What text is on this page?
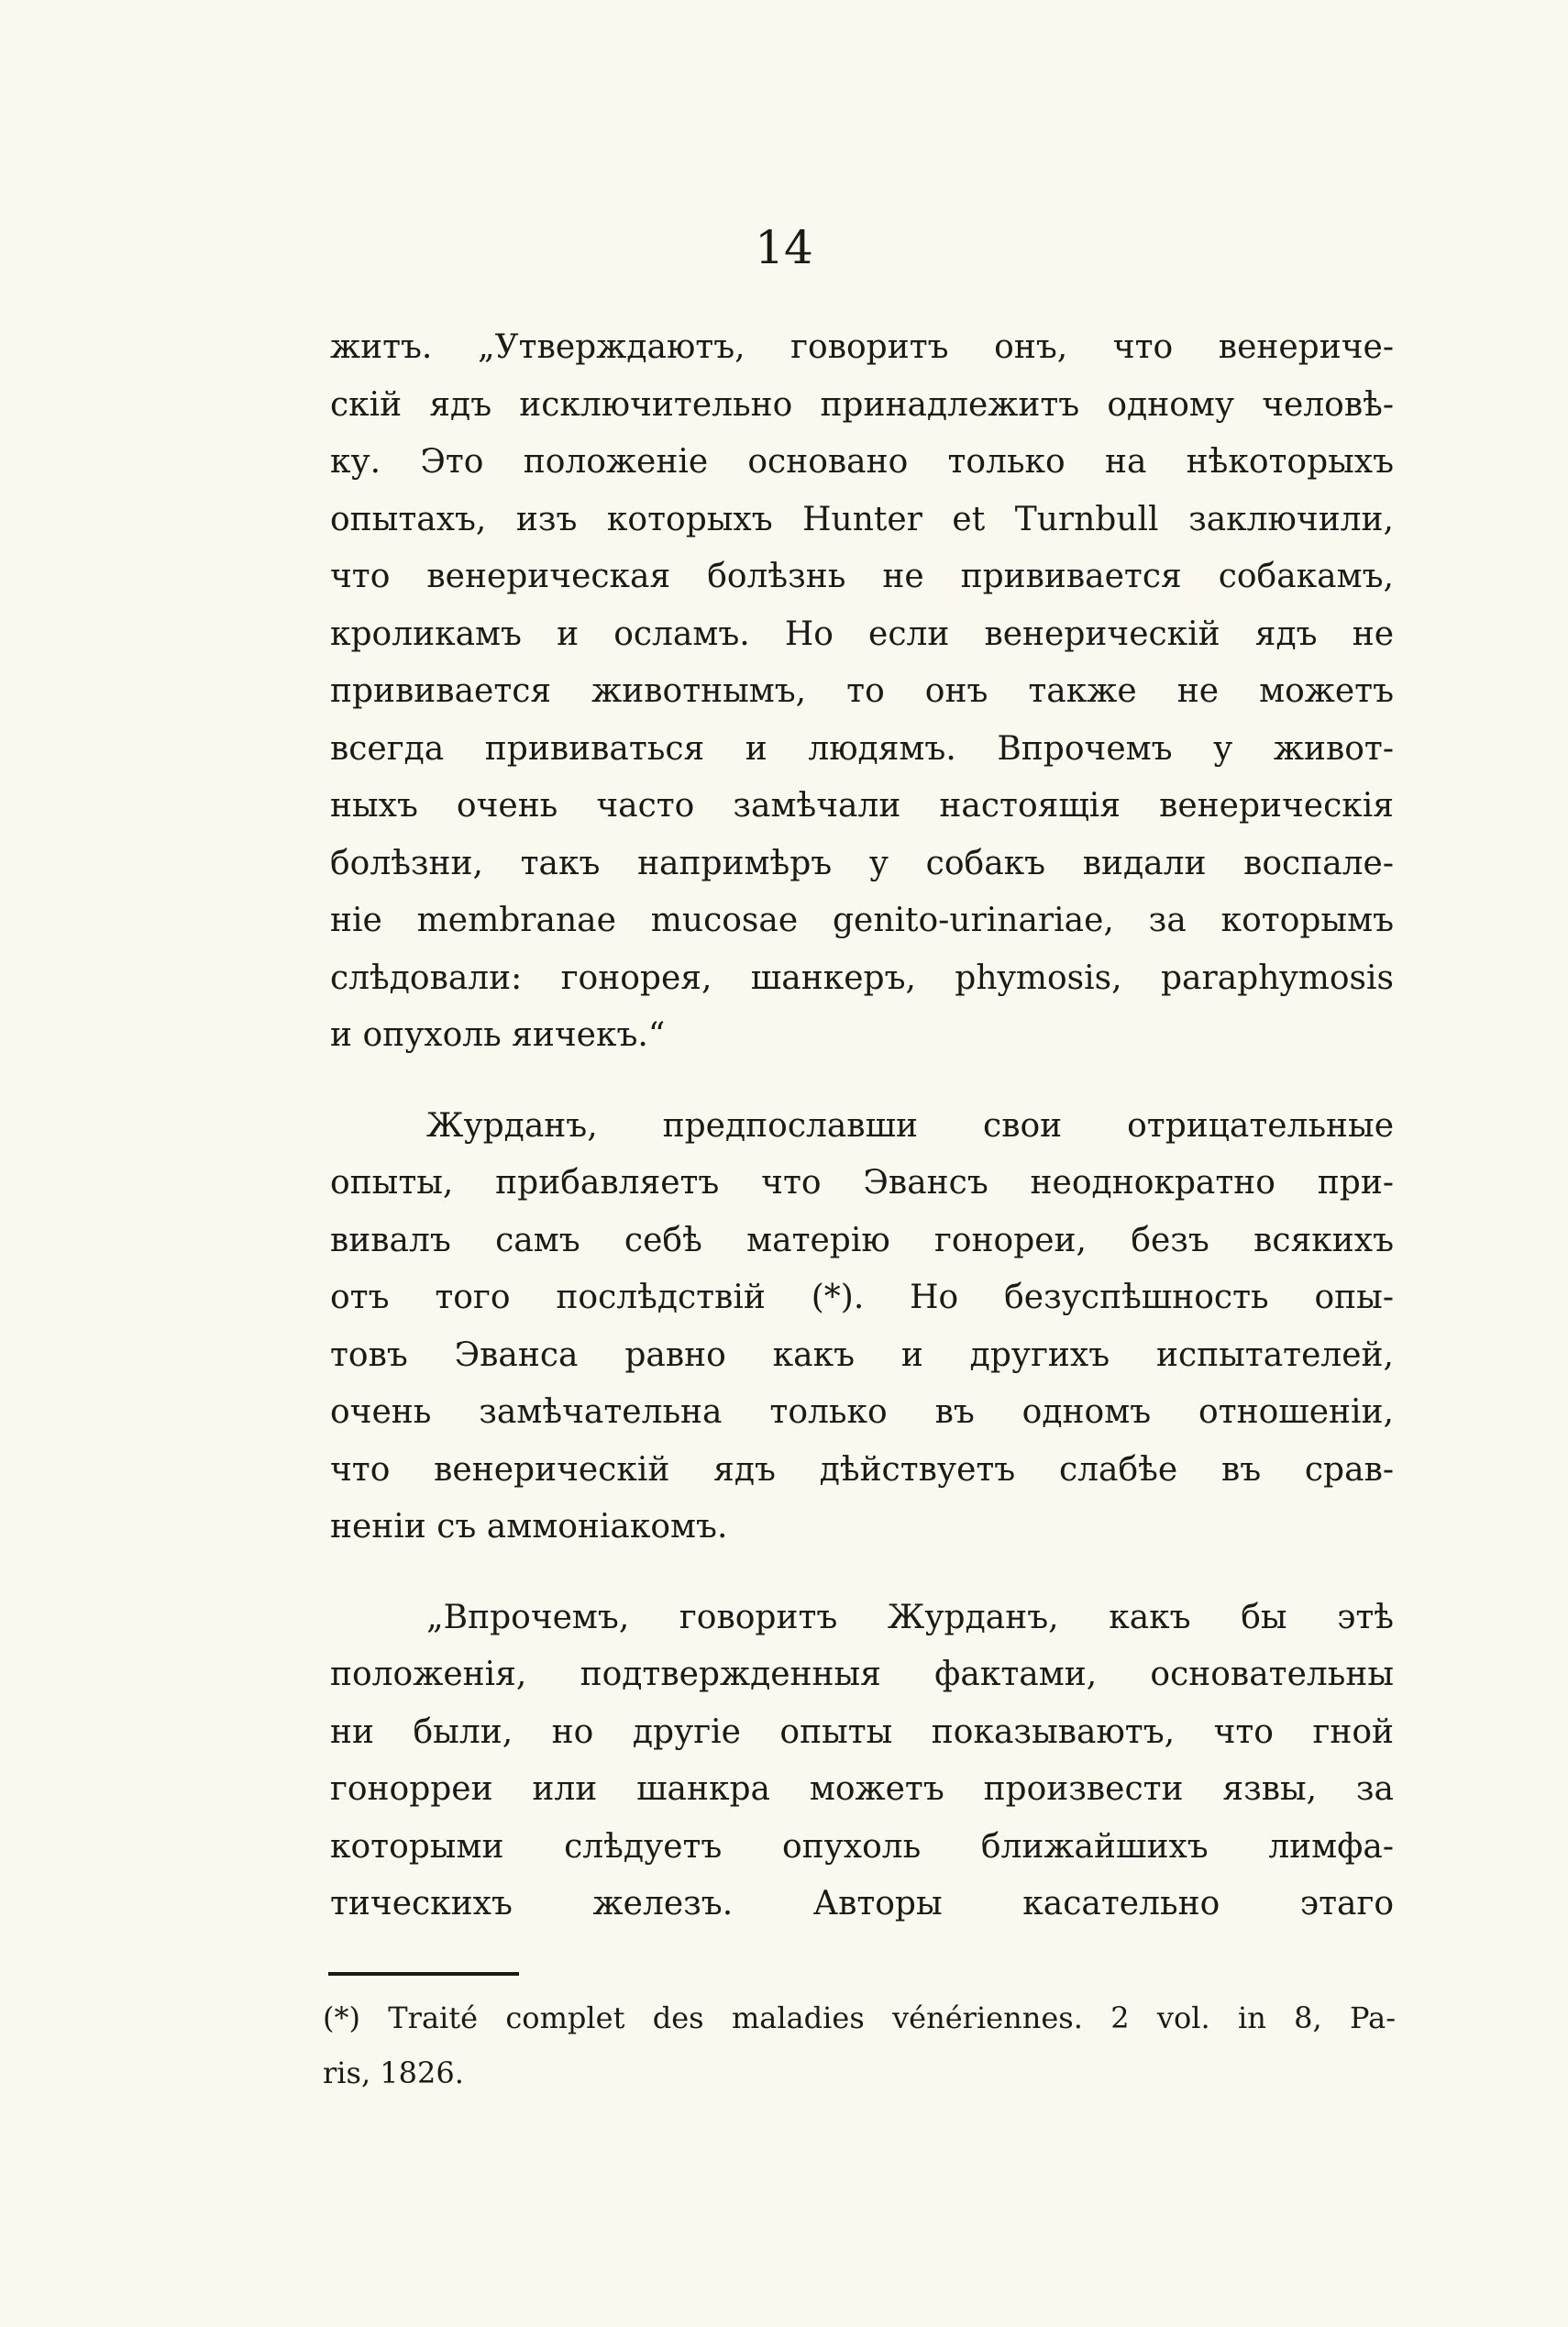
14
житъ. „Утверждаютъ, говоритъ онъ, что венериче-
скій ядъ исключительно принадлежитъ одному человѣ-
ку. Это положеніе основано только на нѣкоторыхъ
опытахъ, изъ которыхъ Hunter et Turnbull заключили,
что венерическая болѣзнь не прививается собакамъ,
кроликамъ и осламъ. Но если венерическій ядъ не
прививается животнымъ, то онъ также не можетъ
всегда прививаться и людямъ. Впрочемъ у живот-
ныхъ очень часто замѣчали настоящія венерическія
болѣзни, такъ напримѣръ у собакъ видали воспале-
ніе membranae mucosae genito-urinariae, за которымъ
слѣдовали: гонорея, шанкеръ, phymosis, paraphymosis
и опухоль яичекъ.“
Журданъ, предпославши свои отрицательные
опыты, прибавляетъ что Эвансъ неоднократно при-
вивалъ самъ себѣ матерію гонореи, безъ всякихъ
отъ того послѣдствій (*). Но безуспѣшность опы-
товъ Эванса равно какъ и другихъ испытателей,
очень замѣчательна только въ одномъ отношеніи,
что венерическій ядъ дѣйствуетъ слабѣе въ срав-
неніи съ аммоніакомъ.
„Впрочемъ, говоритъ Журданъ, какъ бы этѣ
положенія, подтвержденныя фактами, основательны
ни были, но другіе опыты показываютъ, что гной
гонорреи или шанкра можетъ произвести язвы, за
которыми слѣдуетъ опухоль ближайшихъ лимфа-
тическихъ железъ. Авторы касательно этаго
(*) Traité complet des maladies vénériennes. 2 vol. in 8, Pa-
ris, 1826.
